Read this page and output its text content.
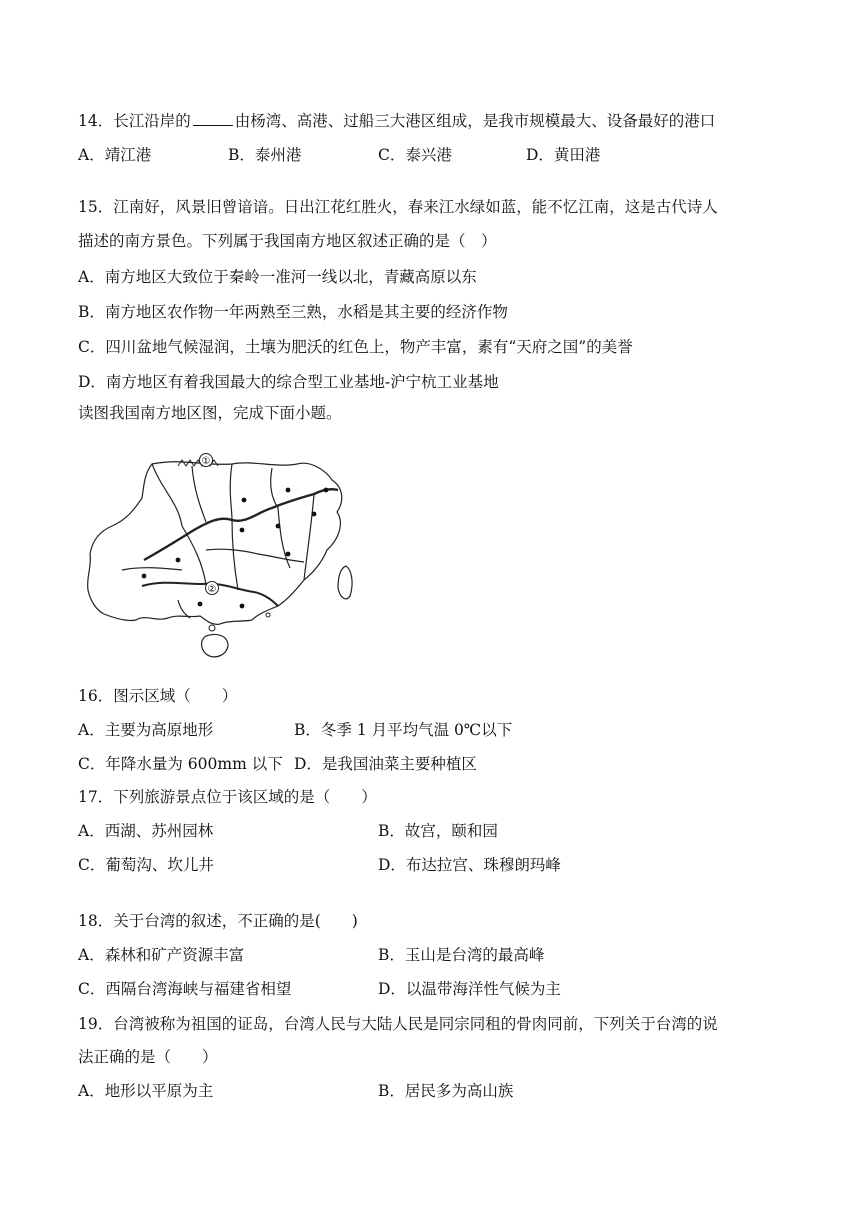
14．长江沿岸的	由杨湾、高港、过船三大港区组成，是我市规模最大、设备最好的港口
A．靖江港	B．泰州港	C．泰兴港	D．黄田港
15．江南好，风景旧曾谙谙。日出江花红胜火，春来江水绿如蓝，能不忆江南，这是古代诗人
描述的南方景色。下列属于我国南方地区叙述正确的是（　）
A．南方地区大致位于秦岭一准河一线以北，青藏高原以东
B．南方地区农作物一年两熟至三熟，水稻是其主要的经济作物
C．四川盆地气候湿润，土壤为肥沃的红色上，物产丰富，素有“天府之国”的美誉
D．南方地区有着我国最大的综合型工业基地-沪宁杭工业基地
读图我国南方地区图，完成下面小题。
①
②
16．图示区域（　　）
A．主要为高原地形	B．冬季 1 月平均气温 0℃以下
C．年降水量为 600mm 以下 D．是我国油菜主要种植区
17．下列旅游景点位于该区域的是（　　）
A．西湖、苏州园林	B．故宫，颐和园
C．葡萄沟、坎儿井	D．布达拉宫、珠穆朗玛峰
18．关于台湾的叙述，不正确的是(　　)
A．森林和矿产资源丰富	B．玉山是台湾的最高峰
C．西隔台湾海峡与福建省相望	D．以温带海洋性气候为主
19．台湾被称为祖国的证岛，台湾人民与大陆人民是同宗同租的骨肉同前，下列关于台湾的说
法正确的是（　　）
A．地形以平原为主	B．居民多为高山族
